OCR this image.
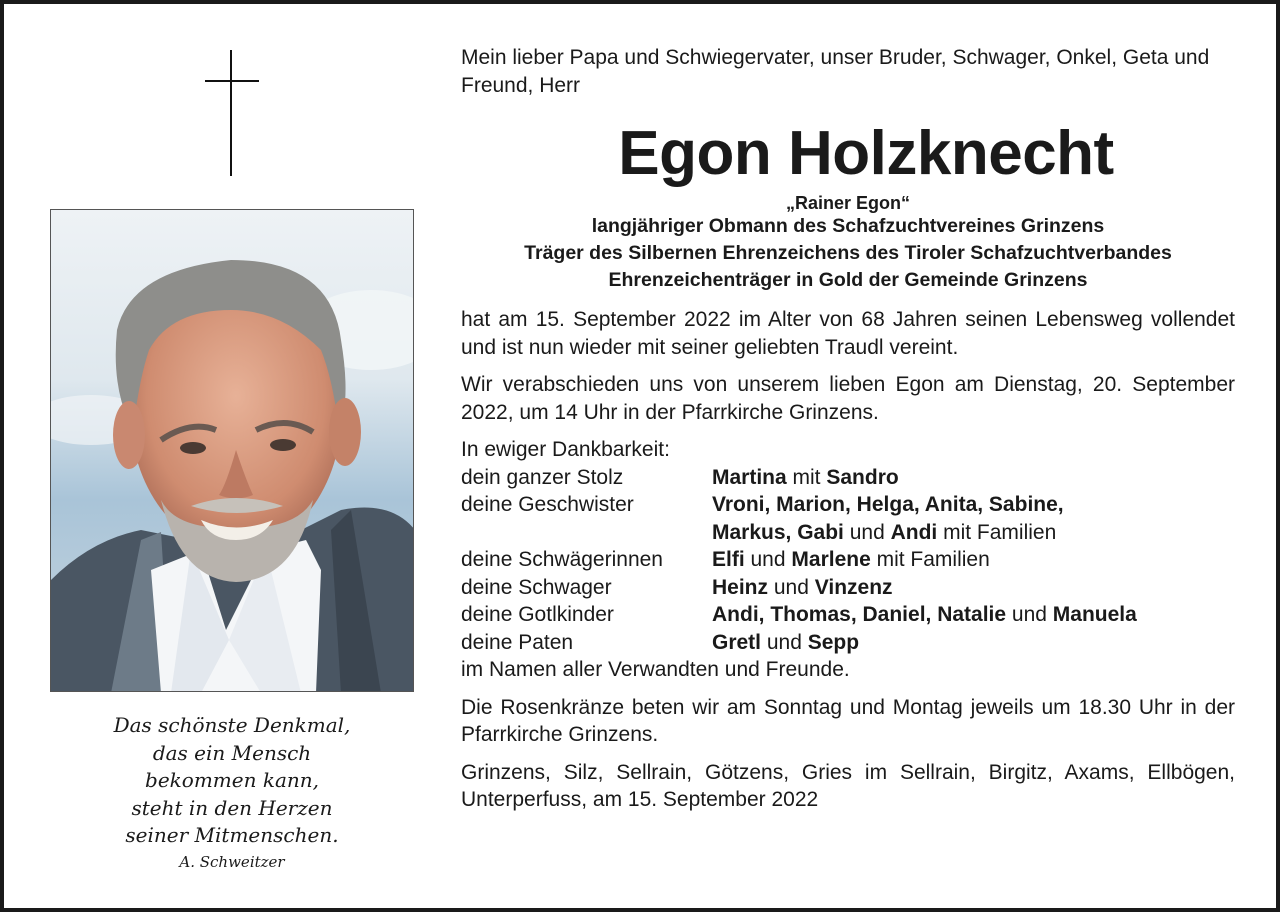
Das schönste Denkmal,
das ein Mensch
bekommen kann,
steht in den Herzen
seiner Mitmenschen.
A. Schweitzer

Mein lieber Papa und Schwiegervater, unser Bruder, Schwager, Onkel, Geta und Freund, Herr

Egon Holzknecht
„Rainer Egon“
langjähriger Obmann des Schafzuchtvereines Grinzens
Träger des Silbernen Ehrenzeichens des Tiroler Schafzuchtverbandes
Ehrenzeichenträger in Gold der Gemeinde Grinzens

hat am 15. September 2022 im Alter von 68 Jahren seinen Lebensweg vollendet und ist nun wieder mit seiner geliebten Traudl vereint.

Wir verabschieden uns von unserem lieben Egon am Dienstag, 20. September 2022, um 14 Uhr in der Pfarrkirche Grinzens.

In ewiger Dankbarkeit:
dein ganzer Stolz	Martina mit Sandro
deine Geschwister	Vroni, Marion, Helga, Anita, Sabine,
Markus, Gabi und Andi mit Familien
deine Schwägerinnen	Elfi und Marlene mit Familien
deine Schwager	Heinz und Vinzenz
deine Gotlkinder	Andi, Thomas, Daniel, Natalie und Manuela
deine Paten	Gretl und Sepp
im Namen aller Verwandten und Freunde.

Die Rosenkränze beten wir am Sonntag und Montag jeweils um 18.30 Uhr in der Pfarrkirche Grinzens.

Grinzens, Silz, Sellrain, Götzens, Gries im Sellrain, Birgitz, Axams, Ellbögen, Unterperfuss, am 15. September 2022
